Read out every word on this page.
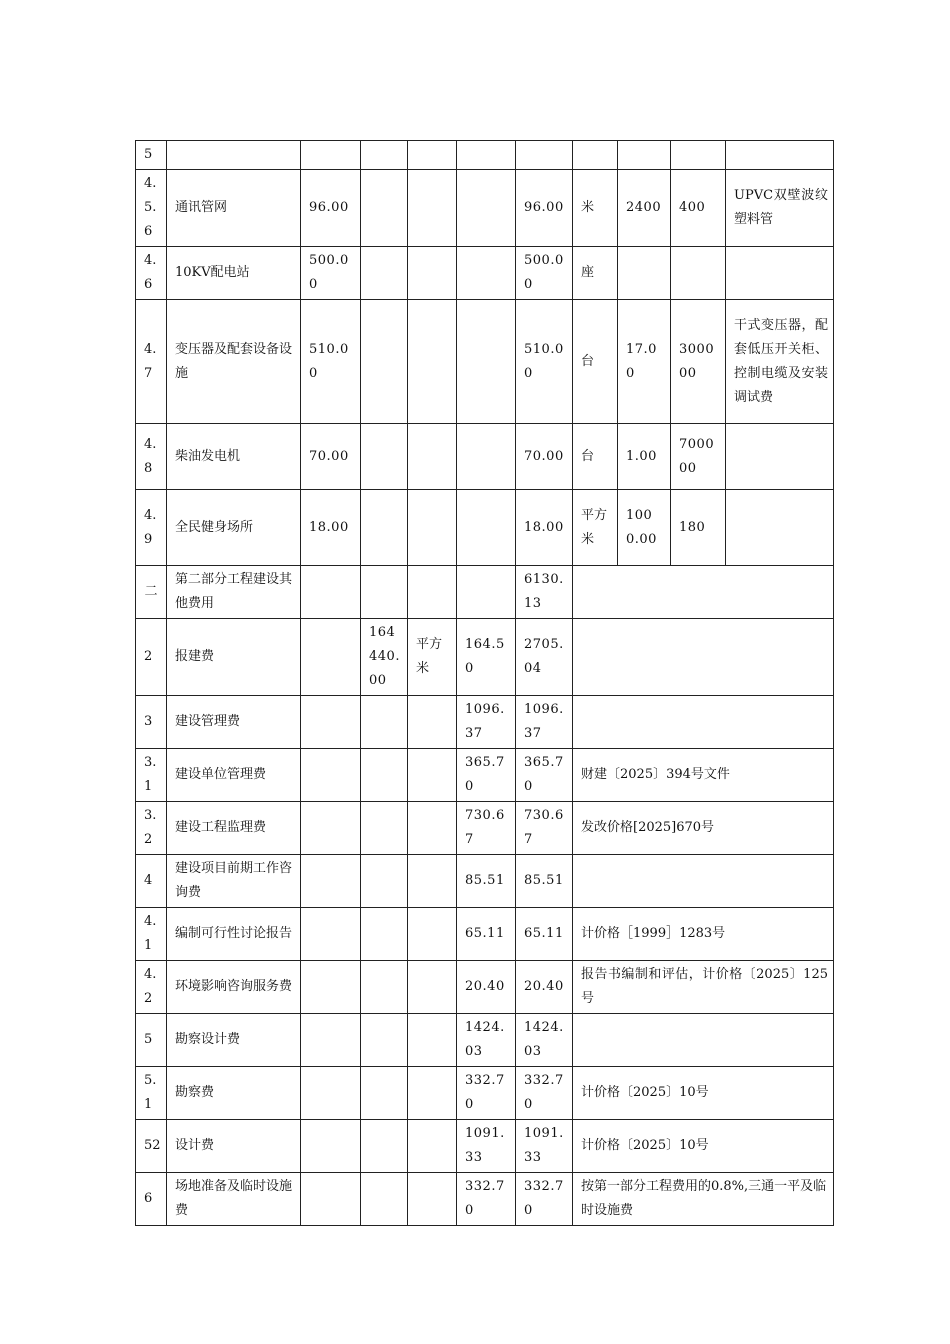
5										
4.5.6	通讯管网	96.00				96.00	米	2400	400	UPVC双壁波纹塑料管
4.6	10KV配电站	500.00				500.00	座			
4.7	变压器及配套设备设施	510.00				510.00	台	17.00	300000	干式变压器，配套低压开关柜、控制电缆及安装调试费
4.8	柴油发电机	70.00				70.00	台	1.00	700000	
4.9	全民健身场所	18.00				18.00	平方米	1000.00	180	
二	第二部分工程建设其他费用					6130.13				
2	报建费		164440.00	平方米	164.50	2705.04				
3	建设管理费				1096.37	1096.37				
3.1	建设单位管理费				365.70	365.70	财建〔2025〕394号文件			
3.2	建设工程监理费				730.67	730.67	发改价格[2025]670号			
4	建设项目前期工作咨询费				85.51	85.51				
4.1	编制可行性讨论报告				65.11	65.11	计价格［1999］1283号			
4.2	环境影响咨询服务费				20.40	20.40	报告书编制和评估，计价格〔2025〕125号			
5	勘察设计费				1424.03	1424.03				
5.1	勘察费				332.70	332.70	计价格〔2025〕10号			
52	设计费				1091.33	1091.33	计价格〔2025〕10号			
6	场地准备及临时设施费				332.70	332.70	按第一部分工程费用的0.8%,三通一平及临时设施费			
